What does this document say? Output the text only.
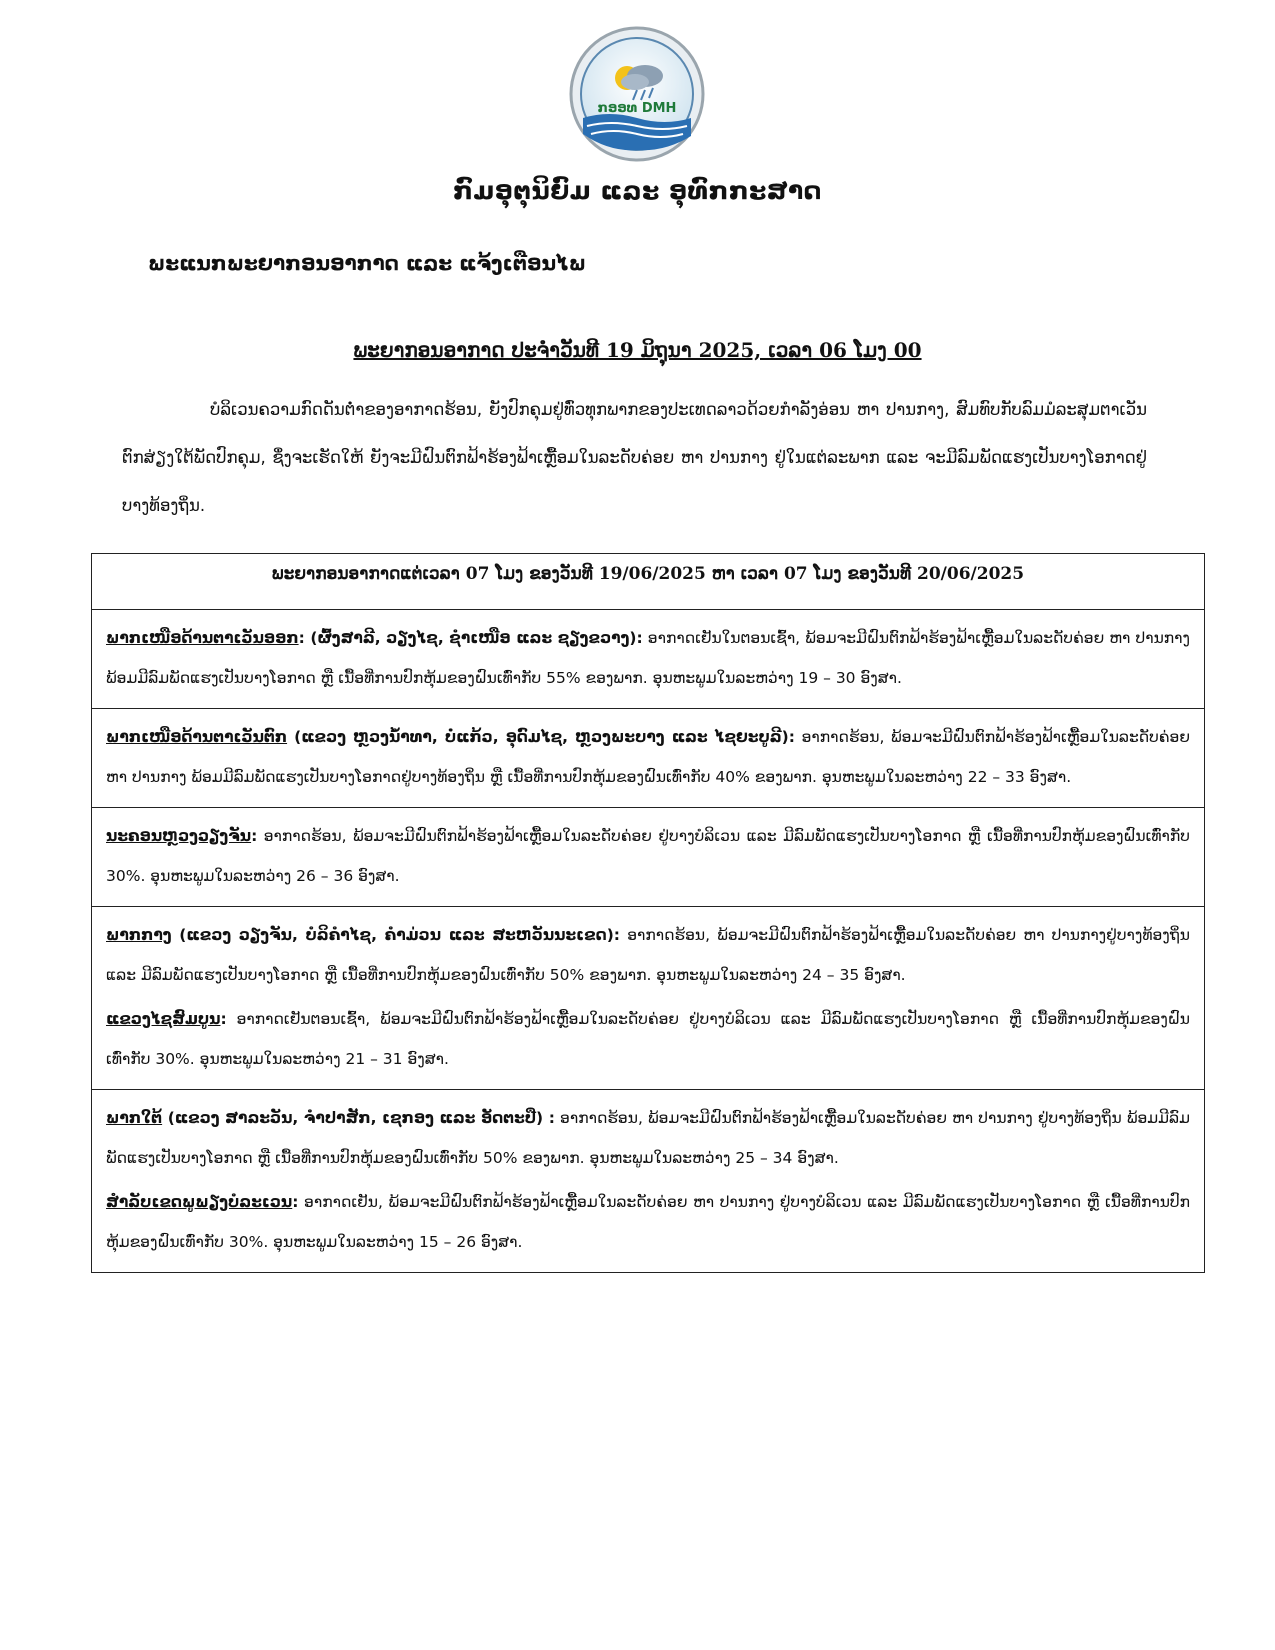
ກອອທ DMH
ກົມອຸຕຸນິຍົມ ແລະ ອຸທົກກະສາດ
ພະແນກພະຍາກອນອາກາດ ແລະ ແຈ້ງເຕືອນໄພ
ພະຍາກອນອາກາດ ປະຈຳວັນທີ 19 ມິຖຸນາ 2025, ເວລາ 06 ໂມງ 00
ບໍລິເວນຄວາມກົດດັນຕ່ຳຂອງອາກາດຮ້ອນ, ຍັງປົກຄຸມຢູ່ທົ່ວທຸກພາກຂອງປະເທດລາວດ້ວຍກຳລັງອ່ອນ ຫາ ປານກາງ, ສົມທົບກັບລົມມໍລະສຸມຕາເວັນຕົກສ່ຽງໃຕ້ພັດປົກຄຸມ, ຊຶ່ງຈະເຮັດໃຫ້ ຍັງຈະມີຝົນຕົກຟ້າຮ້ອງຟ້າເຫຼື້ອມໃນລະດັບຄ່ອຍ ຫາ ປານກາງ ຢູ່ໃນແຕ່ລະພາກ ແລະ ຈະມີລົມພັດແຮງເປັນບາງໂອກາດຢູ່ບາງທ້ອງຖິ່ນ.
ພະຍາກອນອາກາດແຕ່ເວລາ 07 ໂມງ ຂອງວັນທີ 19/06/2025 ຫາ ເວລາ 07 ໂມງ ຂອງວັນທີ 20/06/2025

ພາກເໜືອດ້ານຕາເວັນອອກ: (ຜົ້ງສາລີ, ວຽງໄຊ, ຊຳເໜືອ ແລະ ຊຽງຂວາງ): ອາກາດເຢັນໃນຕອນເຊົ້າ, ພ້ອມຈະມີຝົນຕົກຟ້າຮ້ອງຟ້າເຫຼື້ອມໃນລະດັບຄ່ອຍ ຫາ ປານກາງ ພ້ອມມີລົມພັດແຮງເປັນບາງໂອກາດ ຫຼື ເນື້ອທີ່ການປົກຫຸ້ມຂອງຝົນເທົ່າກັບ 55% ຂອງພາກ. ອຸນຫະພູມໃນລະຫວ່າງ 19 – 30 ອົງສາ.

ພາກເໜືອດ້ານຕາເວັນຕົກ (ແຂວງ ຫຼວງນ້ຳທາ, ບໍ່ແກ້ວ, ອຸດົມໄຊ, ຫຼວງພະບາງ ແລະ ໄຊຍະບູລີ): ອາກາດຮ້ອນ, ພ້ອມຈະມີຝົນຕົກຟ້າຮ້ອງຟ້າເຫຼື້ອມໃນລະດັບຄ່ອຍ ຫາ ປານກາງ ພ້ອມມີລົມພັດແຮງເປັນບາງໂອກາດຢູ່ບາງທ້ອງຖິ່ນ ຫຼື ເນື້ອທີ່ການປົກຫຸ້ມຂອງຝົນເທົ່າກັບ 40% ຂອງພາກ. ອຸນຫະພູມໃນລະຫວ່າງ 22 – 33 ອົງສາ.

ນະຄອນຫຼວງວຽງຈັນ: ອາກາດຮ້ອນ, ພ້ອມຈະມີຝົນຕົກຟ້າຮ້ອງຟ້າເຫຼື້ອມໃນລະດັບຄ່ອຍ ຢູ່ບາງບໍລິເວນ ແລະ ມີລົມພັດແຮງເປັນບາງໂອກາດ ຫຼື ເນື້ອທີ່ການປົກຫຸ້ມຂອງຝົນເທົ່າກັບ 30%. ອຸນຫະພູມໃນລະຫວ່າງ 26 – 36 ອົງສາ.

ພາກກາງ (ແຂວງ ວຽງຈັນ, ບໍລິຄຳໄຊ, ຄຳມ່ວນ ແລະ ສະຫວັນນະເຂດ): ອາກາດຮ້ອນ, ພ້ອມຈະມີຝົນຕົກຟ້າຮ້ອງຟ້າເຫຼື້ອມໃນລະດັບຄ່ອຍ ຫາ ປານກາງຢູ່ບາງທ້ອງຖິ່ນ ແລະ ມີລົມພັດແຮງເປັນບາງໂອກາດ ຫຼື ເນື້ອທີ່ການປົກຫຸ້ມຂອງຝົນເທົ່າກັບ 50% ຂອງພາກ. ອຸນຫະພູມໃນລະຫວ່າງ 24 – 35 ອົງສາ.

ແຂວງໄຊສົມບູນ: ອາກາດເຢັນຕອນເຊົ້າ, ພ້ອມຈະມີຝົນຕົກຟ້າຮ້ອງຟ້າເຫຼື້ອມໃນລະດັບຄ່ອຍ ຢູ່ບາງບໍລິເວນ ແລະ ມີລົມພັດແຮງເປັນບາງໂອກາດ ຫຼື ເນື້ອທີ່ການປົກຫຸ້ມຂອງຝົນເທົ່າກັບ 30%. ອຸນຫະພູມໃນລະຫວ່າງ 21 – 31 ອົງສາ.

ພາກໃຕ້ (ແຂວງ ສາລະວັນ, ຈຳປາສັກ, ເຊກອງ ແລະ ອັດຕະປື) : ອາກາດຮ້ອນ, ພ້ອມຈະມີຝົນຕົກຟ້າຮ້ອງຟ້າເຫຼື້ອມໃນລະດັບຄ່ອຍ ຫາ ປານກາງ ຢູ່ບາງທ້ອງຖິ່ນ ພ້ອມມີລົມພັດແຮງເປັນບາງໂອກາດ ຫຼື ເນື້ອທີ່ການປົກຫຸ້ມຂອງຝົນເທົ່າກັບ 50% ຂອງພາກ. ອຸນຫະພູມໃນລະຫວ່າງ 25 – 34 ອົງສາ.

ສຳລັບເຂດພູພຽງບໍລະເວນ: ອາກາດເຢັນ, ພ້ອມຈະມີຝົນຕົກຟ້າຮ້ອງຟ້າເຫຼື້ອມໃນລະດັບຄ່ອຍ ຫາ ປານກາງ ຢູ່ບາງບໍລິເວນ ແລະ ມີລົມພັດແຮງເປັນບາງໂອກາດ ຫຼື ເນື້ອທີ່ການປົກຫຸ້ມຂອງຝົນເທົ່າກັບ 30%. ອຸນຫະພູມໃນລະຫວ່າງ 15 – 26 ອົງສາ.
